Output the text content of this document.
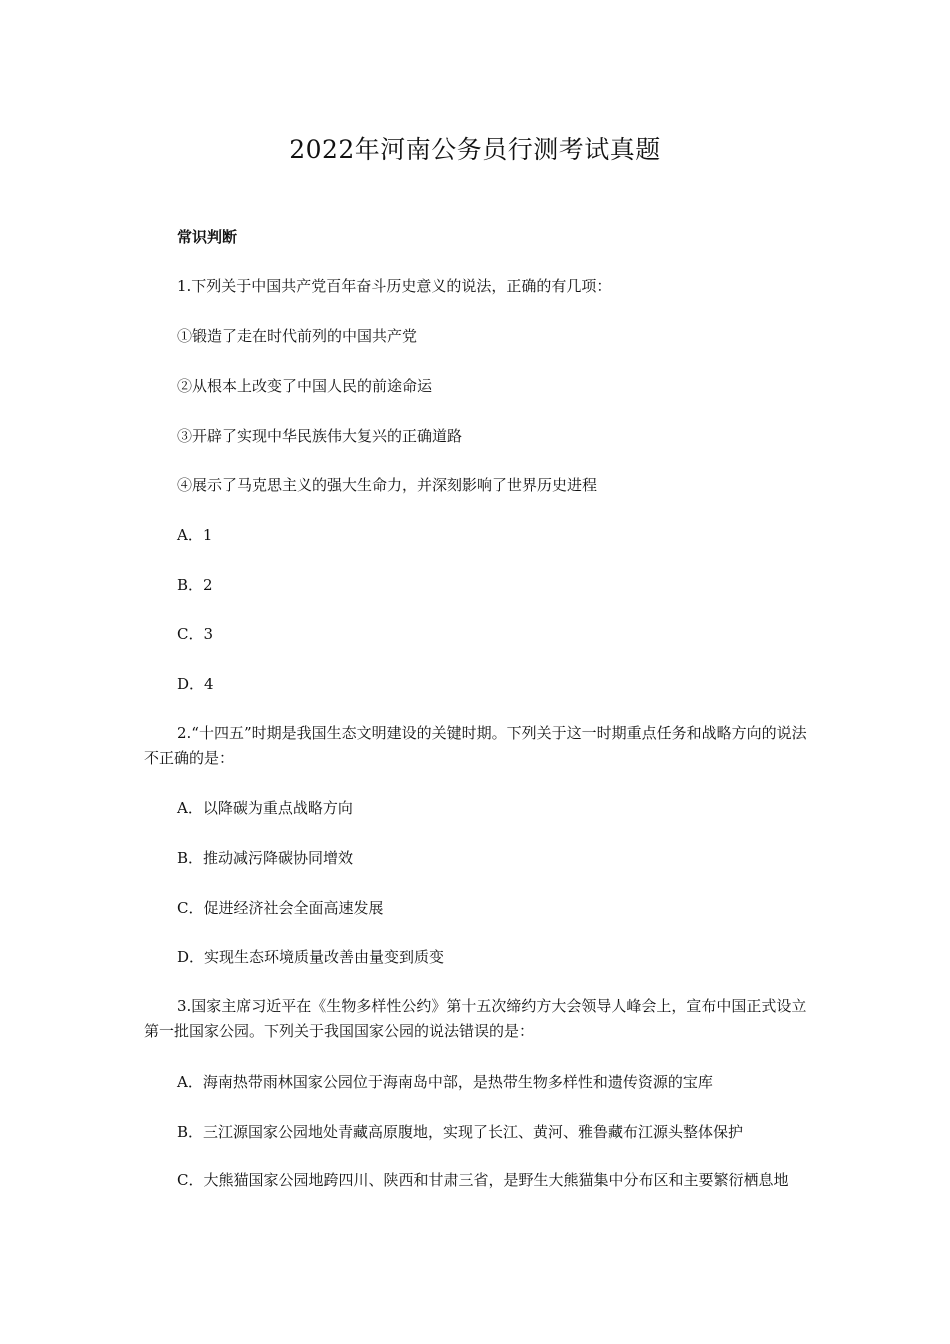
2022年河南公务员行测考试真题
常识判断
1.下列关于中国共产党百年奋斗历史意义的说法，正确的有几项：
①锻造了走在时代前列的中国共产党
②从根本上改变了中国人民的前途命运
③开辟了实现中华民族伟大复兴的正确道路
④展示了马克思主义的强大生命力，并深刻影响了世界历史进程
A．1
B．2
C．3
D．4
2.“十四五”时期是我国生态文明建设的关键时期。下列关于这一时期重点任务和战略方向的说法不正确的是：
A．以降碳为重点战略方向
B．推动减污降碳协同增效
C．促进经济社会全面高速发展
D．实现生态环境质量改善由量变到质变
3.国家主席习近平在《生物多样性公约》第十五次缔约方大会领导人峰会上，宣布中国正式设立第一批国家公园。下列关于我国国家公园的说法错误的是：
A．海南热带雨林国家公园位于海南岛中部，是热带生物多样性和遗传资源的宝库
B．三江源国家公园地处青藏高原腹地，实现了长江、黄河、雅鲁藏布江源头整体保护
C．大熊猫国家公园地跨四川、陕西和甘肃三省，是野生大熊猫集中分布区和主要繁衍栖息地
